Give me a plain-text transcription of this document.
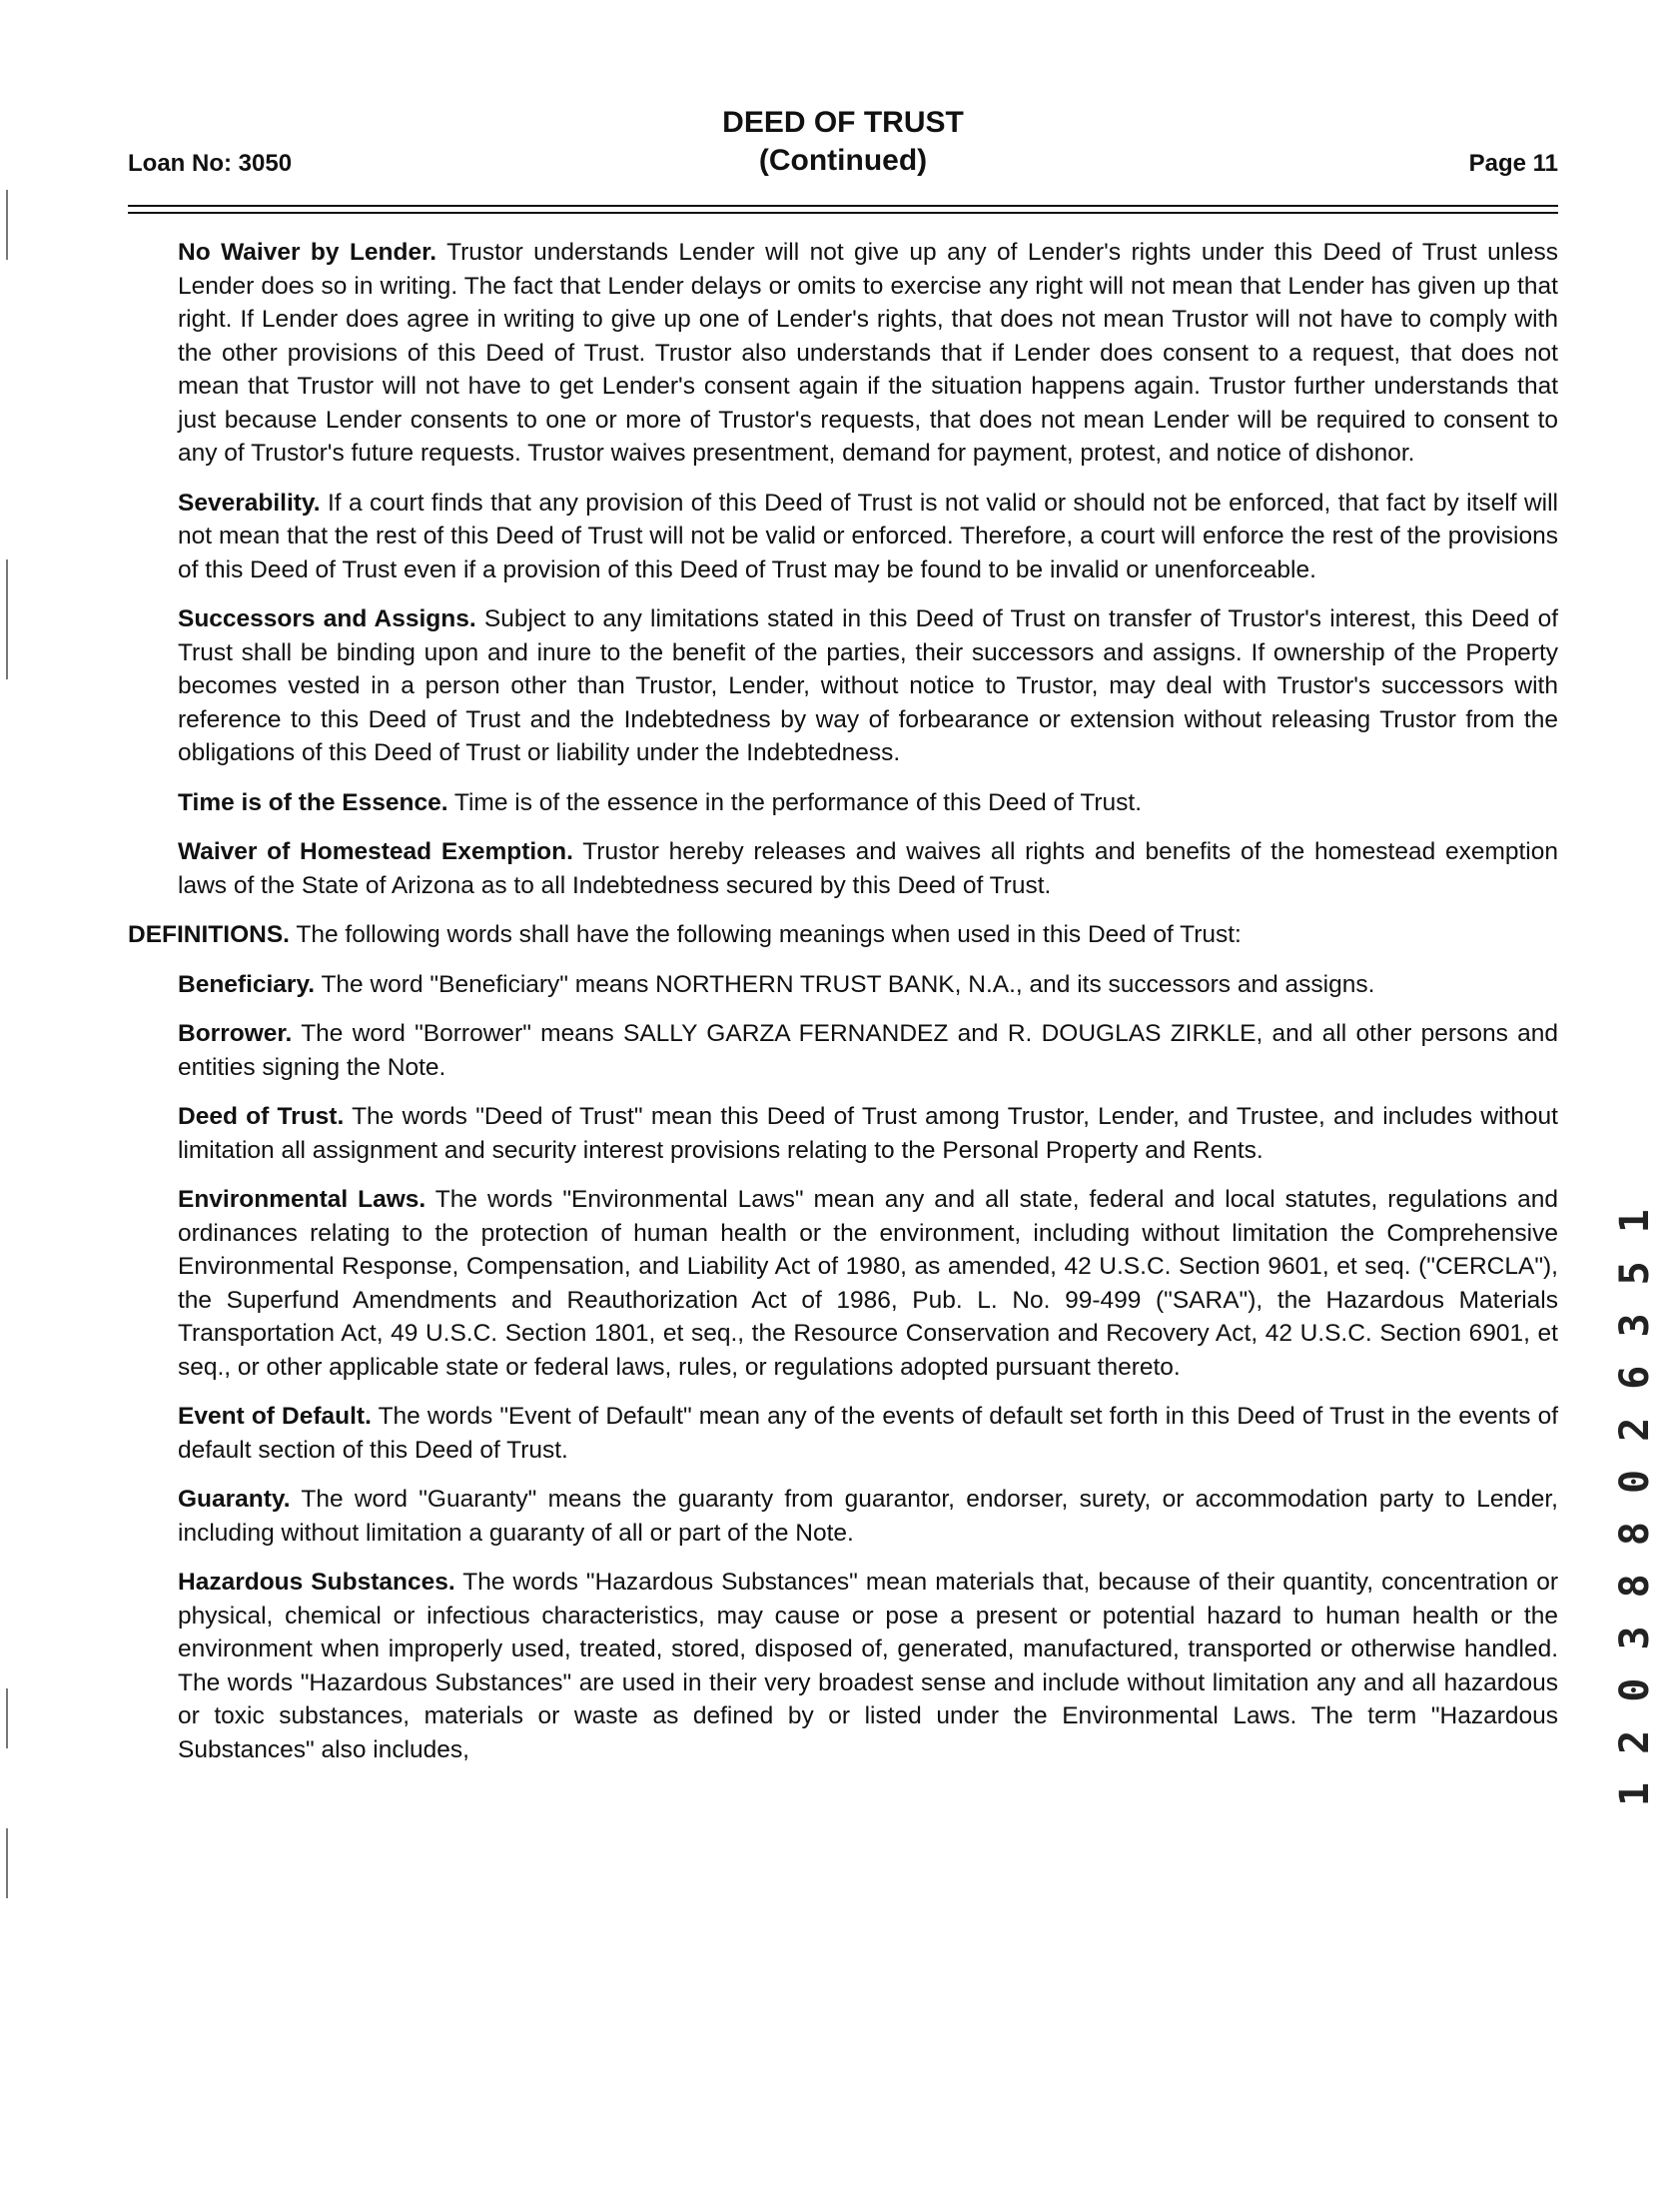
Loan No: 3050
DEED OF TRUST
(Continued)	Page 11

No Waiver by Lender. Trustor understands Lender will not give up any of Lender's rights under this Deed of Trust unless Lender does so in writing. The fact that Lender delays or omits to exercise any right will not mean that Lender has given up that right. If Lender does agree in writing to give up one of Lender's rights, that does not mean Trustor will not have to comply with the other provisions of this Deed of Trust. Trustor also understands that if Lender does consent to a request, that does not mean that Trustor will not have to get Lender's consent again if the situation happens again. Trustor further understands that just because Lender consents to one or more of Trustor's requests, that does not mean Lender will be required to consent to any of Trustor's future requests. Trustor waives presentment, demand for payment, protest, and notice of dishonor.

Severability. If a court finds that any provision of this Deed of Trust is not valid or should not be enforced, that fact by itself will not mean that the rest of this Deed of Trust will not be valid or enforced. Therefore, a court will enforce the rest of the provisions of this Deed of Trust even if a provision of this Deed of Trust may be found to be invalid or unenforceable.

Successors and Assigns. Subject to any limitations stated in this Deed of Trust on transfer of Trustor's interest, this Deed of Trust shall be binding upon and inure to the benefit of the parties, their successors and assigns. If ownership of the Property becomes vested in a person other than Trustor, Lender, without notice to Trustor, may deal with Trustor's successors with reference to this Deed of Trust and the Indebtedness by way of forbearance or extension without releasing Trustor from the obligations of this Deed of Trust or liability under the Indebtedness.

Time is of the Essence. Time is of the essence in the performance of this Deed of Trust.

Waiver of Homestead Exemption. Trustor hereby releases and waives all rights and benefits of the homestead exemption laws of the State of Arizona as to all Indebtedness secured by this Deed of Trust.

DEFINITIONS. The following words shall have the following meanings when used in this Deed of Trust:

Beneficiary. The word "Beneficiary" means NORTHERN TRUST BANK, N.A., and its successors and assigns.

Borrower. The word "Borrower" means SALLY GARZA FERNANDEZ and R. DOUGLAS ZIRKLE, and all other persons and entities signing the Note.

Deed of Trust. The words "Deed of Trust" mean this Deed of Trust among Trustor, Lender, and Trustee, and includes without limitation all assignment and security interest provisions relating to the Personal Property and Rents.

Environmental Laws. The words "Environmental Laws" mean any and all state, federal and local statutes, regulations and ordinances relating to the protection of human health or the environment, including without limitation the Comprehensive Environmental Response, Compensation, and Liability Act of 1980, as amended, 42 U.S.C. Section 9601, et seq. ("CERCLA"), the Superfund Amendments and Reauthorization Act of 1986, Pub. L. No. 99-499 ("SARA"), the Hazardous Materials Transportation Act, 49 U.S.C. Section 1801, et seq., the Resource Conservation and Recovery Act, 42 U.S.C. Section 6901, et seq., or other applicable state or federal laws, rules, or regulations adopted pursuant thereto.

Event of Default. The words "Event of Default" mean any of the events of default set forth in this Deed of Trust in the events of default section of this Deed of Trust.

Guaranty. The word "Guaranty" means the guaranty from guarantor, endorser, surety, or accommodation party to Lender, including without limitation a guaranty of all or part of the Note.

Hazardous Substances. The words "Hazardous Substances" mean materials that, because of their quantity, concentration or physical, chemical or infectious characteristics, may cause or pose a present or potential hazard to human health or the environment when improperly used, treated, stored, disposed of, generated, manufactured, transported or otherwise handled. The words "Hazardous Substances" are used in their very broadest sense and include without limitation any and all hazardous or toxic substances, materials or waste as defined by or listed under the Environmental Laws. The term "Hazardous Substances" also includes,	1 2 0 3 8 8 0 2 6 3 5 1
